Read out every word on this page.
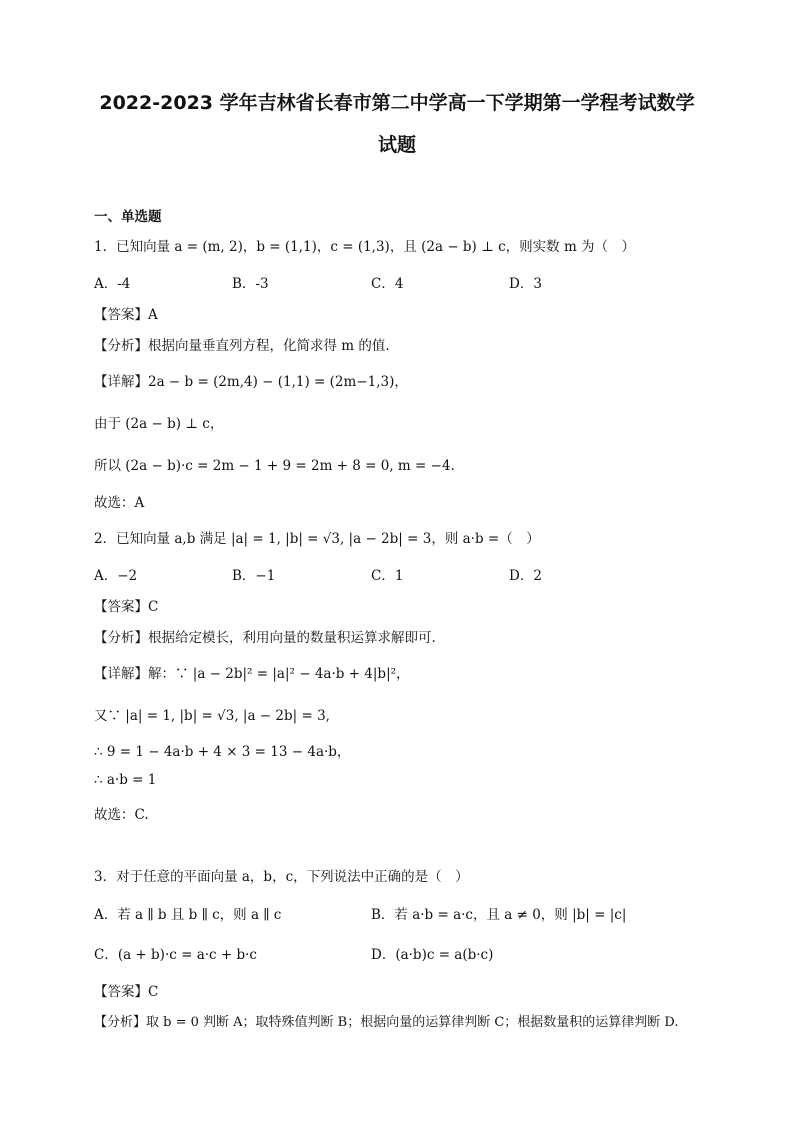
2022-2023 学年吉林省长春市第二中学高一下学期第一学程考试数学
试题
一、单选题
1．已知向量 a = (m, 2)，b = (1,1)，c = (1,3)，且 (2a − b) ⊥ c，则实数 m 为（　）
A．-4	B．-3	C．4	D．3
【答案】A
【分析】根据向量垂直列方程，化简求得 m 的值.
【详解】2a − b = (2m,4) − (1,1) = (2m−1,3)，
由于 (2a − b) ⊥ c，
所以 (2a − b)·c = 2m − 1 + 9 = 2m + 8 = 0, m = −4.
故选：A
2．已知向量 a,b 满足 |a| = 1, |b| = √3, |a − 2b| = 3，则 a·b =（　）
A．−2	B．−1	C．1	D．2
【答案】C
【分析】根据给定模长，利用向量的数量积运算求解即可.
【详解】解：∵ |a − 2b|² = |a|² − 4a·b + 4|b|²，
又∵ |a| = 1, |b| = √3, |a − 2b| = 3,
∴ 9 = 1 − 4a·b + 4 × 3 = 13 − 4a·b，
∴ a·b = 1
故选：C.
3．对于任意的平面向量 a，b，c，下列说法中正确的是（　）
A．若 a ∥ b 且 b ∥ c，则 a ∥ c	B．若 a·b = a·c，且 a ≠ 0，则 |b| = |c|
C．(a + b)·c = a·c + b·c	D．(a·b)c = a(b·c)
【答案】C
【分析】取 b = 0 判断 A；取特殊值判断 B；根据向量的运算律判断 C；根据数量积的运算律判断 D.
